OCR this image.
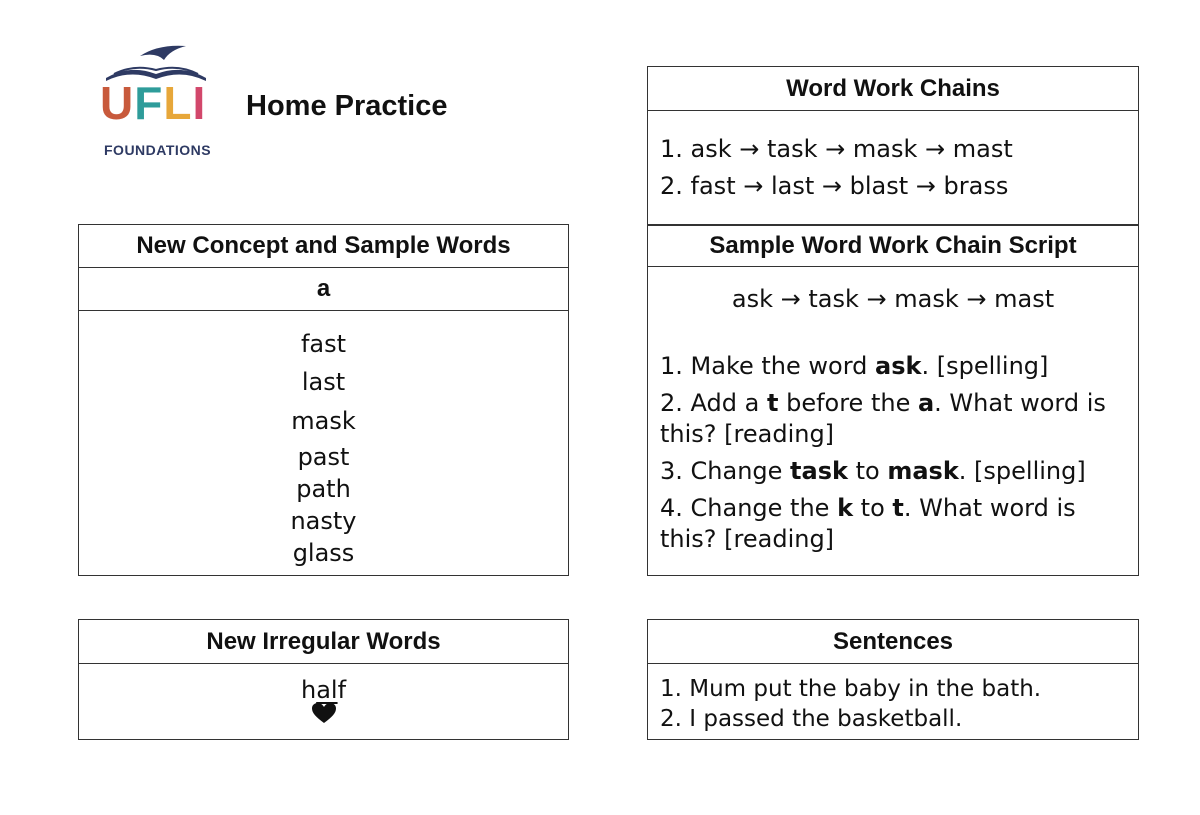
UFLI
FOUNDATIONS
Home Practice
Word Work Chains
1. ask → task → mask → mast
2. fast → last → blast → brass
New Concept and Sample Words
a
fast
last
mask
past
path
nasty
glass
Sample Word Work Chain Script
ask → task → mask → mast

1. Make the word ask. [spelling]

2. Add a t before the a. What word is this? [reading]

3. Change task to mask. [spelling]

4. Change the k to t. What word is this? [reading]

New Irregular Words
half
Sentences
1. Mum put the baby in the bath.
2. I passed the basketball.
